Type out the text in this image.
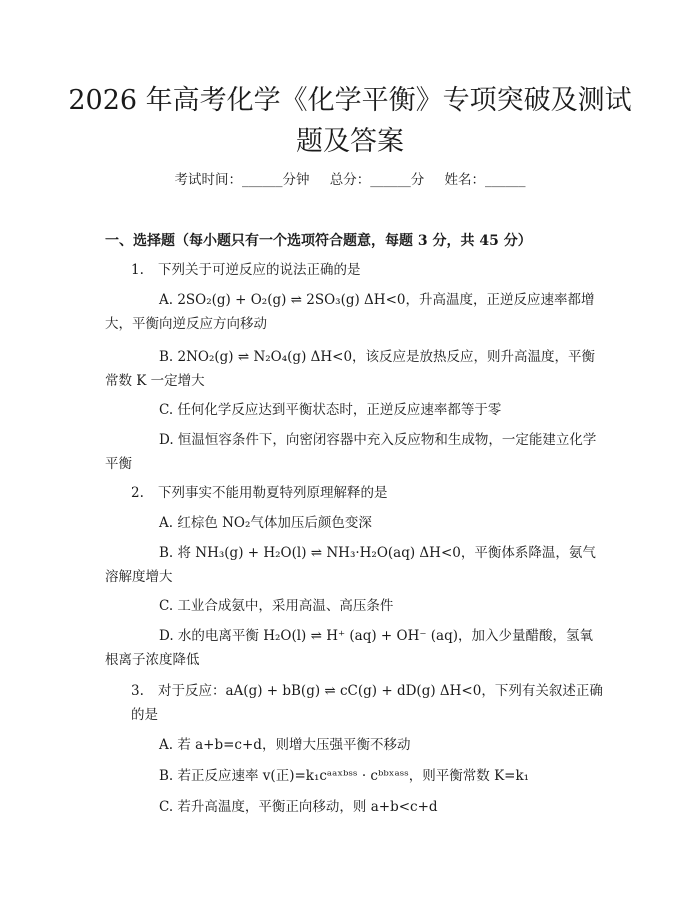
2026 年高考化学《化学平衡》专项突破及测试题及答案
考试时间：______分钟 总分：______分 姓名：______
一、选择题（每小题只有一个选项符合题意，每题 3 分，共 45 分）
1. 下列关于可逆反应的说法正确的是
A. 2SO₂(g) + O₂(g) ⇌ 2SO₃(g) ΔH<0，升高温度，正逆反应速率都增大，平衡向逆反应方向移动
B. 2NO₂(g) ⇌ N₂O₄(g) ΔH<0，该反应是放热反应，则升高温度，平衡常数 K 一定增大
C. 任何化学反应达到平衡状态时，正逆反应速率都等于零
D. 恒温恒容条件下，向密闭容器中充入反应物和生成物，一定能建立化学平衡
2. 下列事实不能用勒夏特列原理解释的是
A. 红棕色 NO₂气体加压后颜色变深
B. 将 NH₃(g) + H₂O(l) ⇌ NH₃·H₂O(aq) ΔH<0，平衡体系降温，氨气溶解度增大
C. 工业合成氨中，采用高温、高压条件
D. 水的电离平衡 H₂O(l) ⇌ H⁺ (aq) + OH⁻ (aq)，加入少量醋酸，氢氧根离子浓度降低
3. 对于反应：aA(g) + bB(g) ⇌ cC(g) + dD(g) ΔH<0，下列有关叙述正确的是
A. 若 a+b=c+d，则增大压强平衡不移动
B. 若正反应速率 v(正)=k₁cᵃᵃˣᵇˢˢ · cᵇᵇˣᵃˢˢ，则平衡常数 K=k₁
C. 若升高温度，平衡正向移动，则 a+b<c+d
